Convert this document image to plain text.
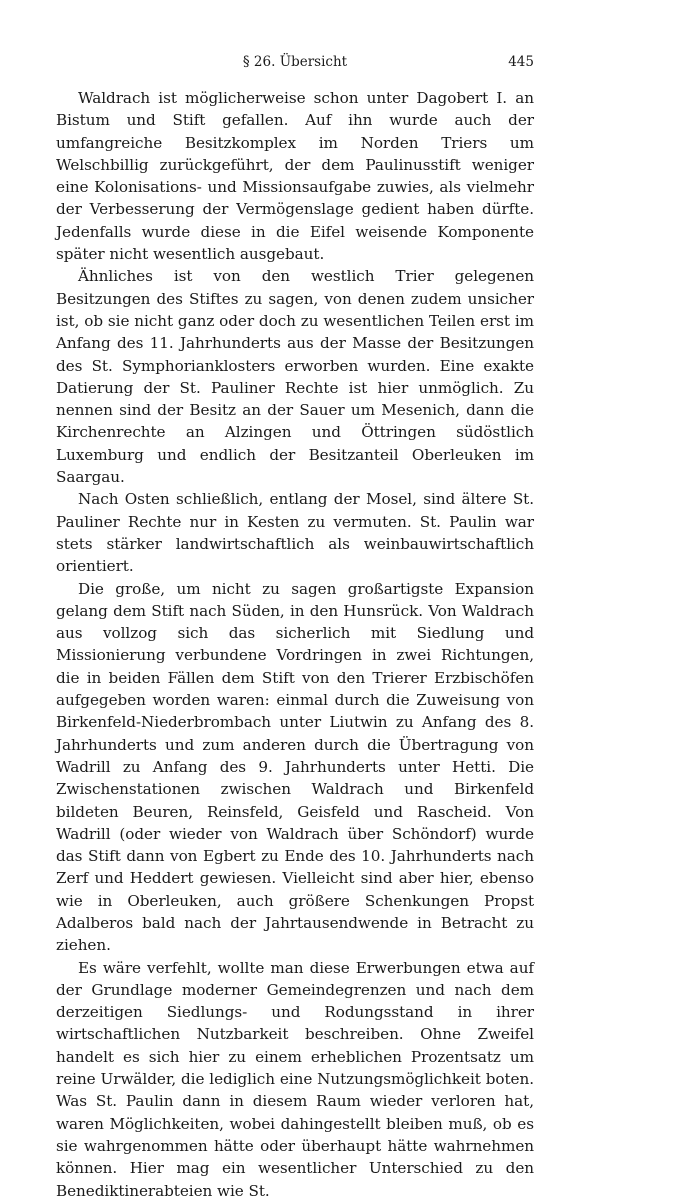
§ 26. Übersicht	445

Waldrach ist möglicherweise schon unter Dagobert I. an Bistum und Stift gefallen. Auf ihn wurde auch der umfangreiche Besitzkomplex im Norden Triers um Welschbillig zurückgeführt, der dem Paulinusstift weniger eine Kolonisations- und Missionsaufgabe zuwies, als vielmehr der Verbesserung der Vermögenslage gedient haben dürfte. Jedenfalls wurde diese in die Eifel weisende Komponente später nicht wesentlich ausgebaut.

Ähnliches ist von den westlich Trier gelegenen Besitzungen des Stiftes zu sagen, von denen zudem unsicher ist, ob sie nicht ganz oder doch zu wesentlichen Teilen erst im Anfang des 11. Jahrhunderts aus der Masse der Besitzungen des St. Symphorianklosters erworben wurden. Eine exakte Datierung der St. Pauliner Rechte ist hier unmöglich. Zu nennen sind der Besitz an der Sauer um Mesenich, dann die Kirchenrechte an Alzingen und Öttringen südöstlich Luxemburg und endlich der Besitzanteil Oberleuken im Saargau.

Nach Osten schließlich, entlang der Mosel, sind ältere St. Pauliner Rechte nur in Kesten zu vermuten. St. Paulin war stets stärker landwirtschaftlich als weinbauwirtschaftlich orientiert.

Die große, um nicht zu sagen großartigste Expansion gelang dem Stift nach Süden, in den Hunsrück. Von Waldrach aus vollzog sich das sicherlich mit Siedlung und Missionierung verbundene Vordringen in zwei Richtungen, die in beiden Fällen dem Stift von den Trierer Erzbischöfen aufgegeben worden waren: einmal durch die Zuweisung von Birkenfeld-Niederbrombach unter Liutwin zu Anfang des 8. Jahrhunderts und zum anderen durch die Übertragung von Wadrill zu Anfang des 9. Jahrhunderts unter Hetti. Die Zwischenstationen zwischen Waldrach und Birkenfeld bildeten Beuren, Reinsfeld, Geisfeld und Rascheid. Von Wadrill (oder wieder von Waldrach über Schöndorf) wurde das Stift dann von Egbert zu Ende des 10. Jahrhunderts nach Zerf und Heddert gewiesen. Vielleicht sind aber hier, ebenso wie in Oberleuken, auch größere Schenkungen Propst Adalberos bald nach der Jahrtausendwende in Betracht zu ziehen.

Es wäre verfehlt, wollte man diese Erwerbungen etwa auf der Grundlage moderner Gemeindegrenzen und nach dem derzeitigen Siedlungs- und Rodungsstand in ihrer wirtschaftlichen Nutzbarkeit beschreiben. Ohne Zweifel handelt es sich hier zu einem erheblichen Prozentsatz um reine Urwälder, die lediglich eine Nutzungsmöglichkeit boten. Was St. Paulin dann in diesem Raum wieder verloren hat, waren Möglichkeiten, wobei dahingestellt bleiben muß, ob es sie wahrgenommen hätte oder überhaupt hätte wahrnehmen können. Hier mag ein wesentlicher Unterschied zu den Benediktinerabteien wie St.
